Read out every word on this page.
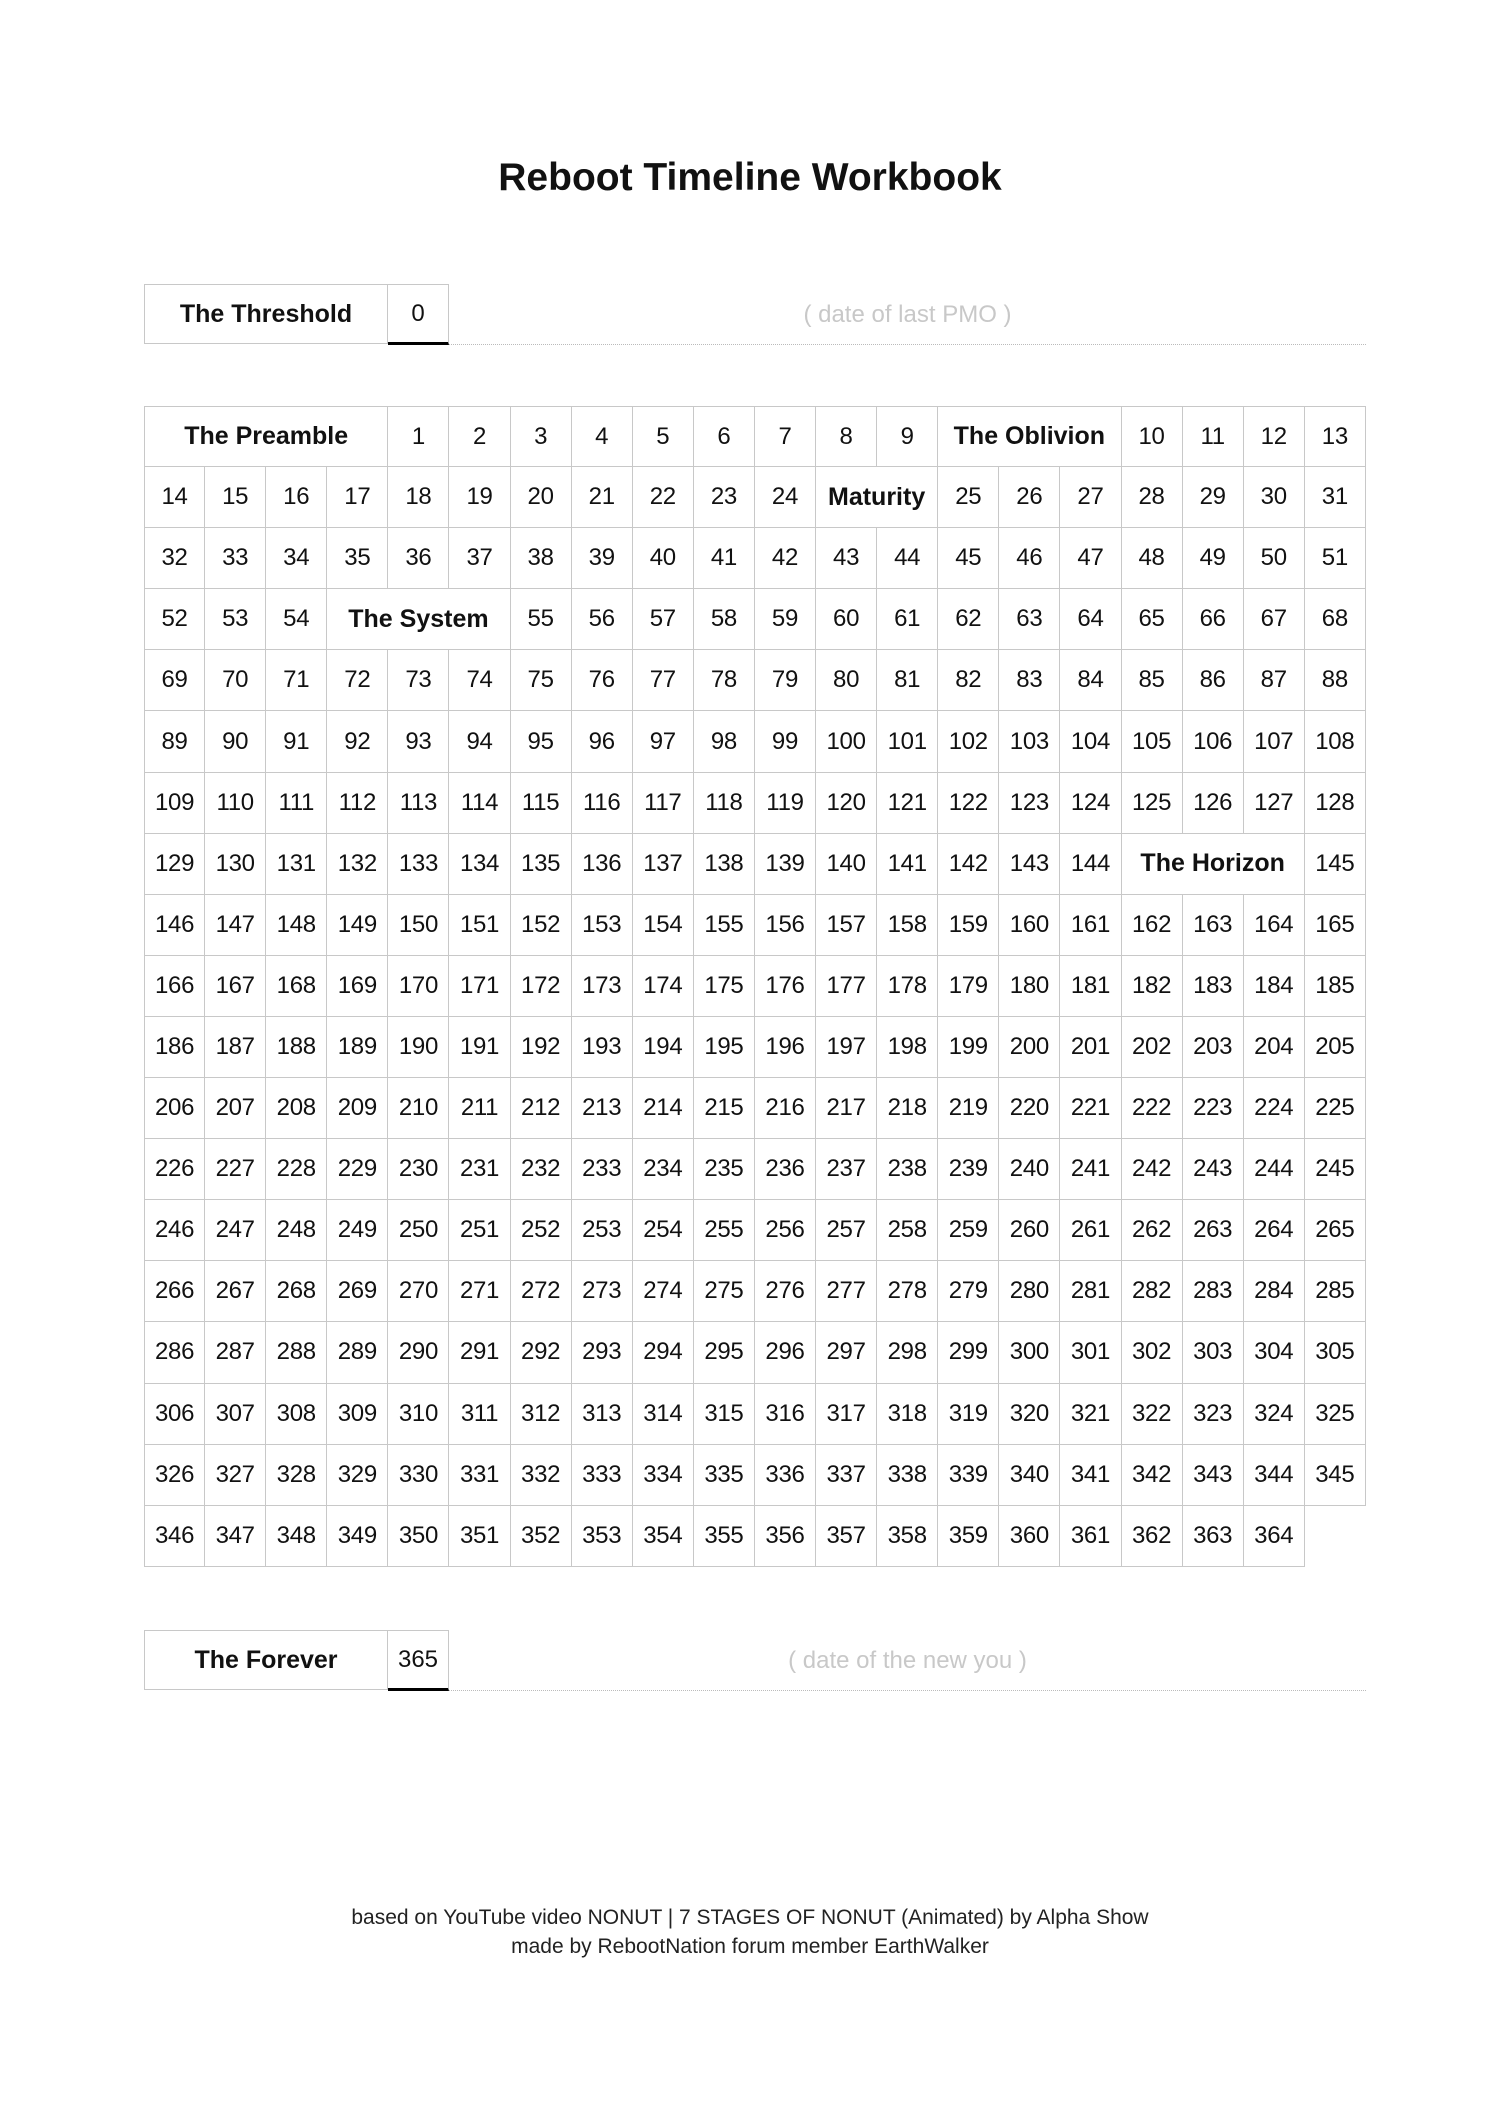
Reboot Timeline Workbook
The Threshold	0	( date of last PMO )
The Preamble	1	2	3	4	5	6	7	8	9	The Oblivion	10	11	12	13
14	15	16	17	18	19	20	21	22	23	24	Maturity	25	26	27	28	29	30	31
32	33	34	35	36	37	38	39	40	41	42	43	44	45	46	47	48	49	50	51
52	53	54	The System	55	56	57	58	59	60	61	62	63	64	65	66	67	68
69	70	71	72	73	74	75	76	77	78	79	80	81	82	83	84	85	86	87	88
89	90	91	92	93	94	95	96	97	98	99	100 101 102 103 104 105 106 107 108
109 110	111	112 113 114 115 116 117 118 119 120 121 122 123 124 125 126 127 128
129 130 131 132 133 134 135 136 137 138 139 140 141 142 143 144	The Horizon	145
146 147 148 149 150 151 152 153 154 155 156 157 158 159 160 161 162 163 164 165
166 167 168 169 170 171 172 173 174 175 176 177 178 179 180 181 182 183 184 185
186 187 188 189 190 191 192 193 194 195 196 197 198 199 200 201 202 203 204 205
206 207 208 209 210 211 212 213 214 215 216 217 218 219 220 221 222 223 224 225
226 227 228 229 230 231 232 233 234 235 236 237 238 239 240 241 242 243 244 245
246 247 248 249 250 251 252 253 254 255 256 257 258 259 260 261 262 263 264 265
266 267 268 269 270 271 272 273 274 275 276 277 278 279 280 281 282 283 284 285
286 287 288 289 290 291 292 293 294 295 296 297 298 299 300 301 302 303 304 305
306 307 308 309 310 311 312 313 314 315 316 317 318 319 320 321 322 323 324 325
326 327 328 329 330 331 332 333 334 335 336 337 338 339 340 341 342 343 344 345
346 347 348 349 350 351 352 353 354 355 356 357 358 359 360 361 362 363 364
The Forever	365	( date of the new you )
based on YouTube video NONUT | 7 STAGES OF NONUT (Animated) by Alpha Show
made by RebootNation forum member EarthWalker
